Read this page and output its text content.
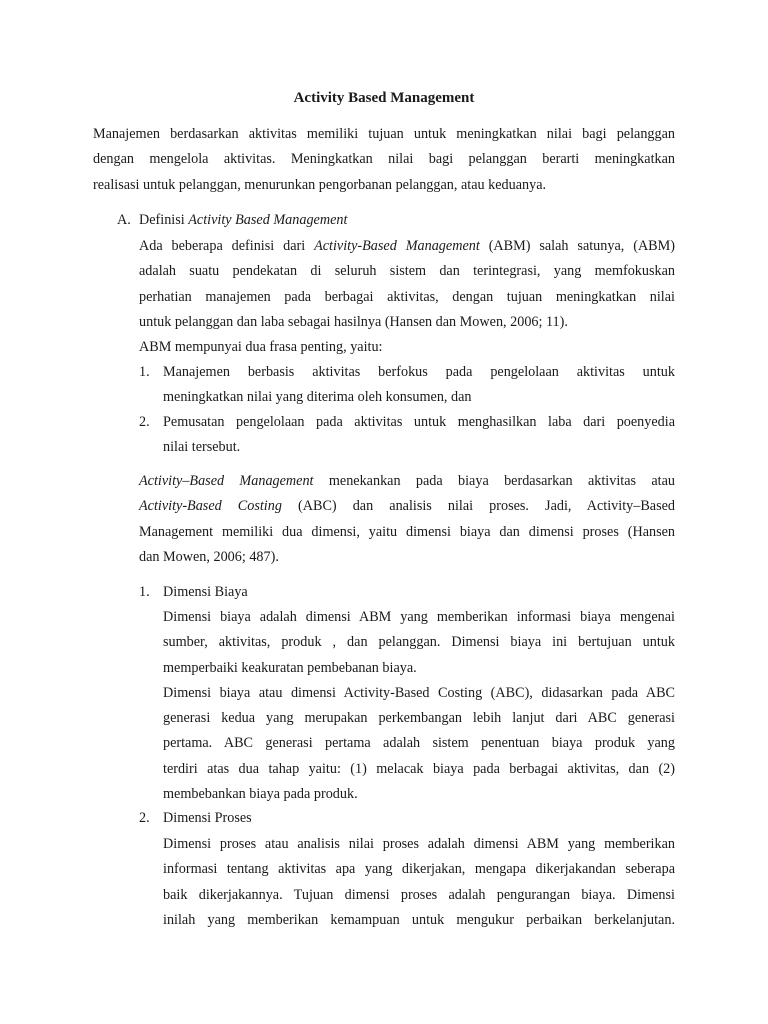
Activity Based Management
Manajemen berdasarkan aktivitas memiliki tujuan untuk meningkatkan nilai bagi pelanggan
dengan mengelola aktivitas. Meningkatkan nilai bagi pelanggan berarti meningkatkan
realisasi untuk pelanggan, menurunkan pengorbanan pelanggan, atau keduanya.
A. Definisi Activity Based Management
Ada beberapa definisi dari Activity-Based Management (ABM) salah satunya, (ABM)
adalah suatu pendekatan di seluruh sistem dan terintegrasi, yang memfokuskan
perhatian manajemen pada berbagai aktivitas, dengan tujuan meningkatkan nilai
untuk pelanggan dan laba sebagai hasilnya (Hansen dan Mowen, 2006; 11).
ABM mempunyai dua frasa penting, yaitu:
1. Manajemen berbasis aktivitas berfokus pada pengelolaan aktivitas untuk
meningkatkan nilai yang diterima oleh konsumen, dan
2. Pemusatan pengelolaan pada aktivitas untuk menghasilkan laba dari poenyedia
nilai tersebut.
Activity–Based Management menekankan pada biaya berdasarkan aktivitas atau
Activity-Based Costing (ABC) dan analisis nilai proses. Jadi, Activity–Based
Management memiliki dua dimensi, yaitu dimensi biaya dan dimensi proses (Hansen
dan Mowen, 2006; 487).
1. Dimensi Biaya
Dimensi biaya adalah dimensi ABM yang memberikan informasi biaya mengenai
sumber, aktivitas, produk , dan pelanggan. Dimensi biaya ini bertujuan untuk
memperbaiki keakuratan pembebanan biaya.
Dimensi biaya atau dimensi Activity-Based Costing (ABC), didasarkan pada ABC
generasi kedua yang merupakan perkembangan lebih lanjut dari ABC generasi
pertama. ABC generasi pertama adalah sistem penentuan biaya produk yang
terdiri atas dua tahap yaitu: (1) melacak biaya pada berbagai aktivitas, dan (2)
membebankan biaya pada produk.
2. Dimensi Proses
Dimensi proses atau analisis nilai proses adalah dimensi ABM yang memberikan
informasi tentang aktivitas apa yang dikerjakan, mengapa dikerjakandan seberapa
baik dikerjakannya. Tujuan dimensi proses adalah pengurangan biaya. Dimensi
inilah yang memberikan kemampuan untuk mengukur perbaikan berkelanjutan.
